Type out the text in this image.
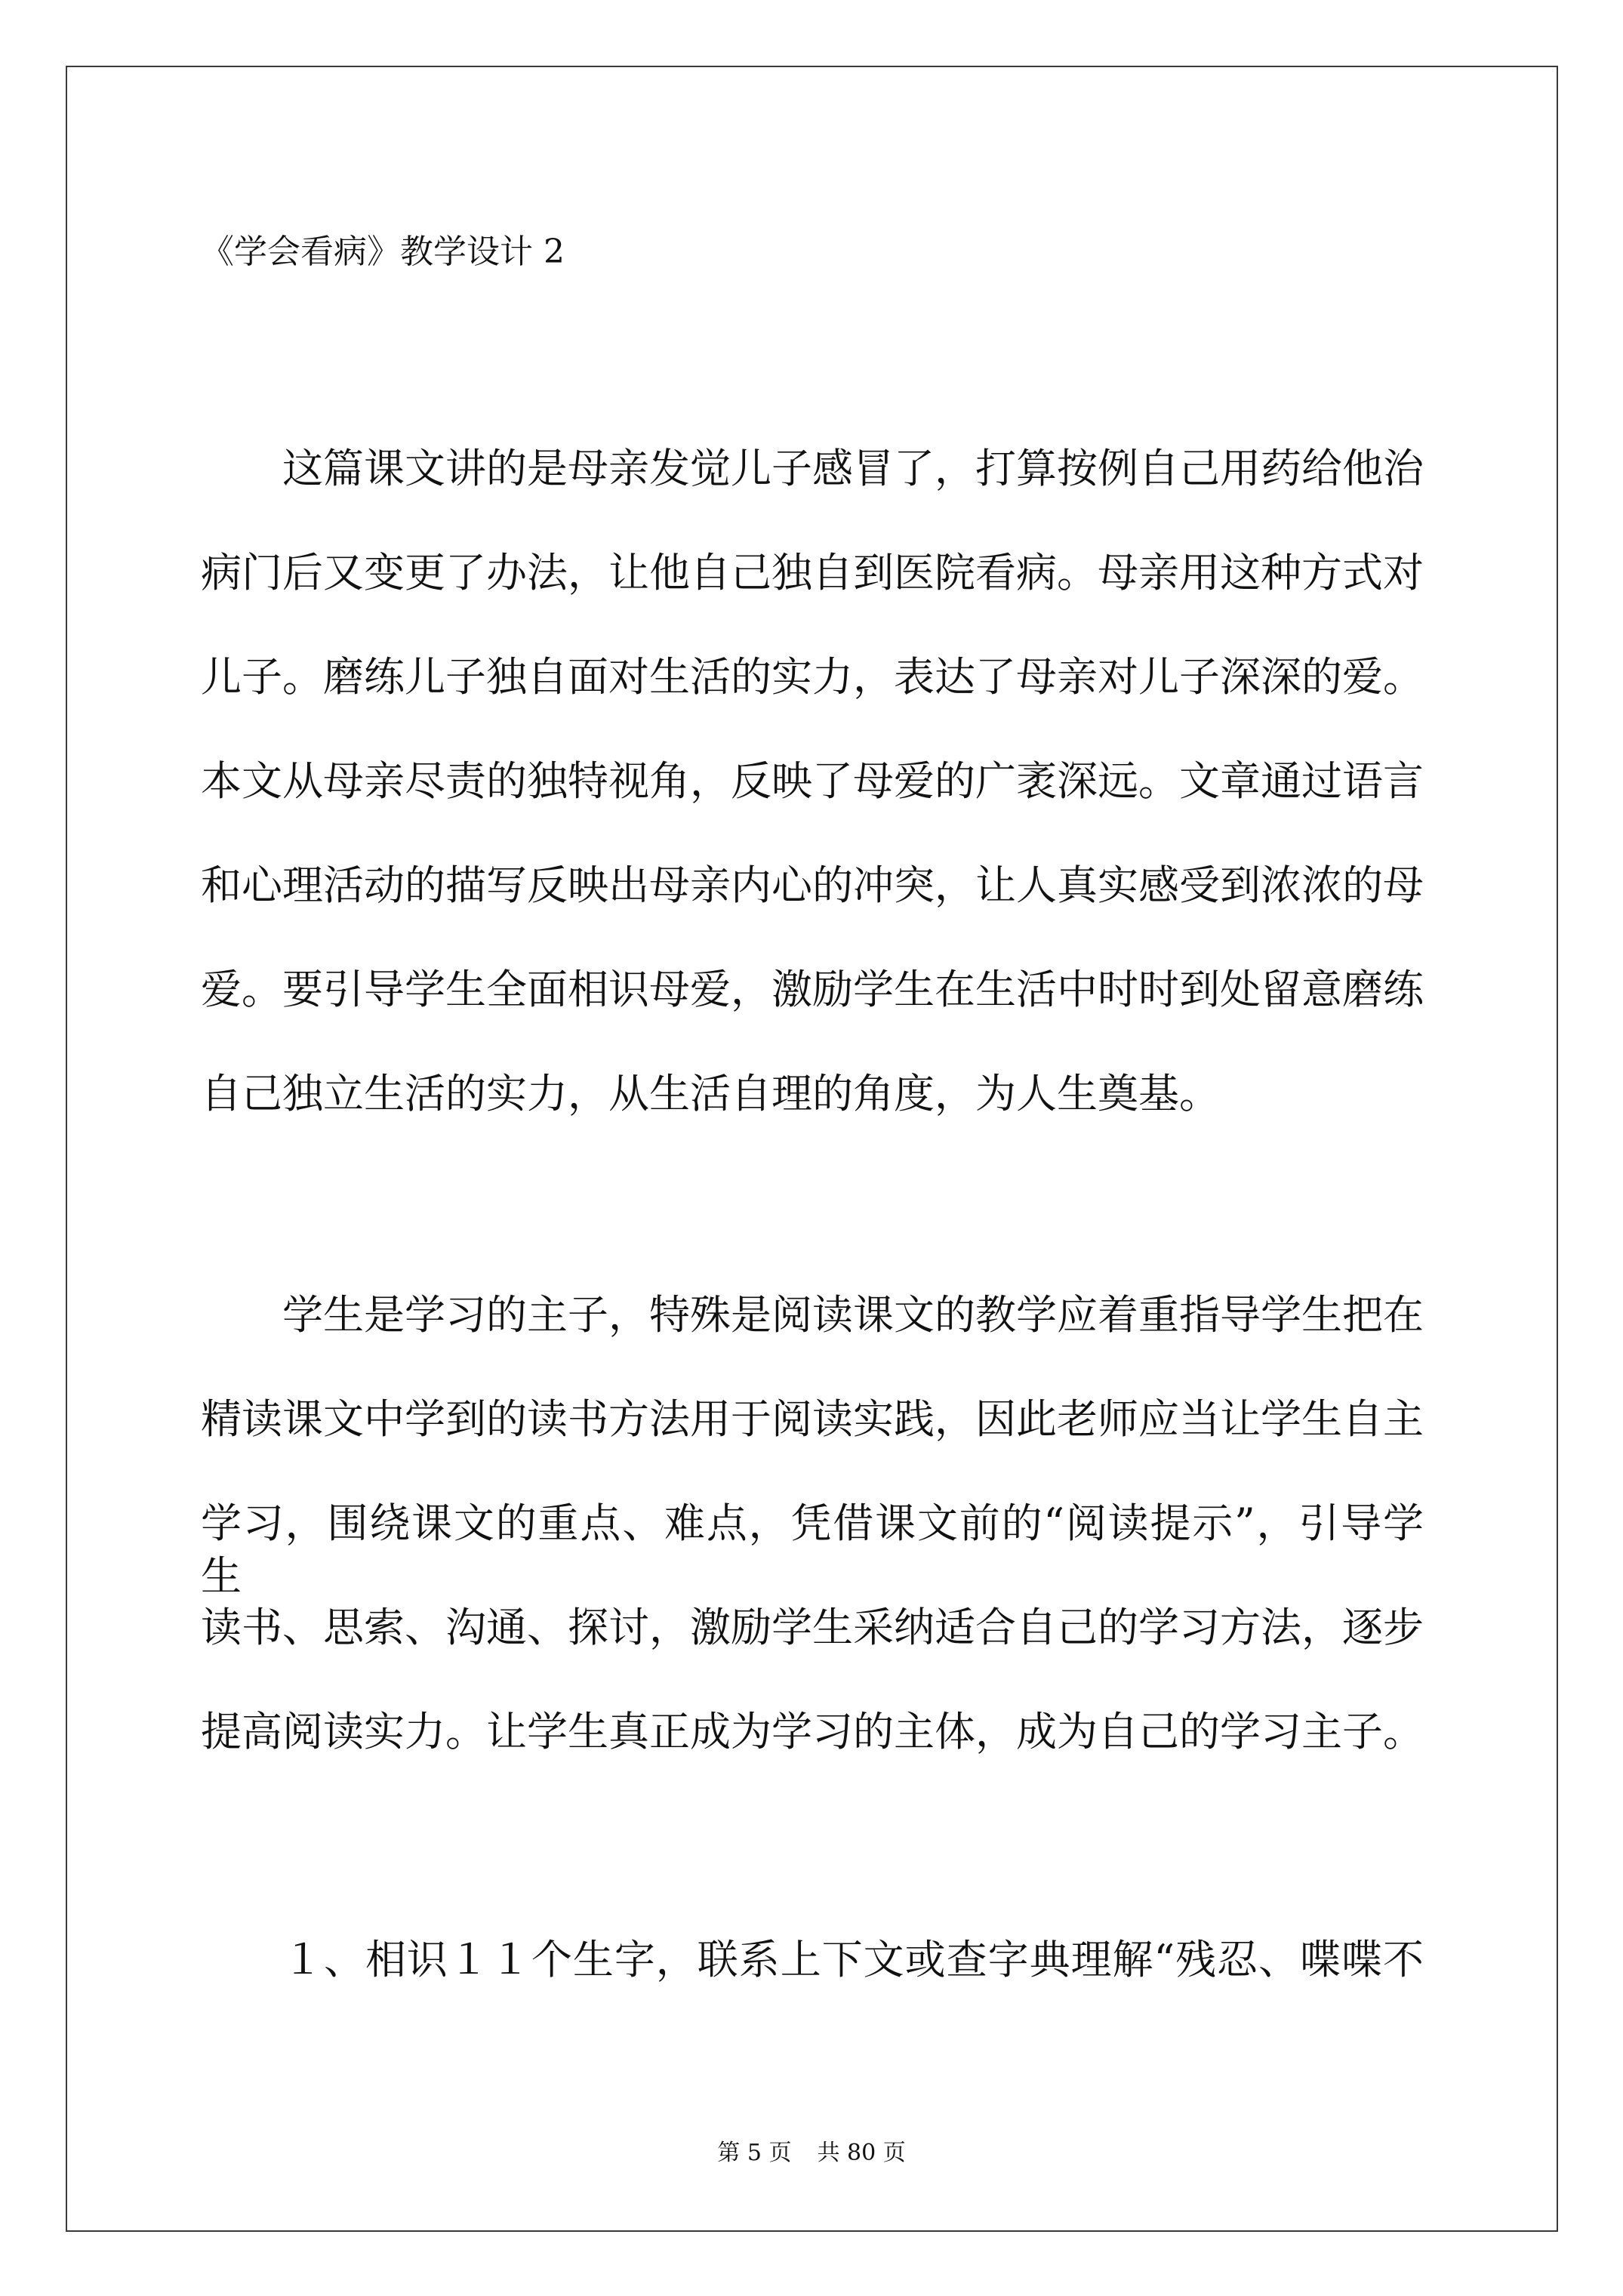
《学会看病》教学设计 2
这篇课文讲的是母亲发觉儿子感冒了，打算按例自己用药给他治
病门后又变更了办法，让他自己独自到医院看病。母亲用这种方式对
儿子。磨练儿子独自面对生活的实力，表达了母亲对儿子深深的爱。
本文从母亲尽责的独特视角，反映了母爱的广袤深远。文章通过语言
和心理活动的描写反映出母亲内心的冲突，让人真实感受到浓浓的母
爱。要引导学生全面相识母爱，激励学生在生活中时时到处留意磨练
自己独立生活的实力，从生活自理的角度，为人生奠基。
学生是学习的主子，特殊是阅读课文的教学应着重指导学生把在
精读课文中学到的读书方法用于阅读实践，因此老师应当让学生自主
学习，围绕课文的重点、难点，凭借课文前的“阅读提示”，引导学生
读书、思索、沟通、探讨，激励学生采纳适合自己的学习方法，逐步
提高阅读实力。让学生真正成为学习的主体，成为自己的学习主子。
１、相识１１个生字，联系上下文或查字典理解“残忍、喋喋不
第 5 页 共 80 页
